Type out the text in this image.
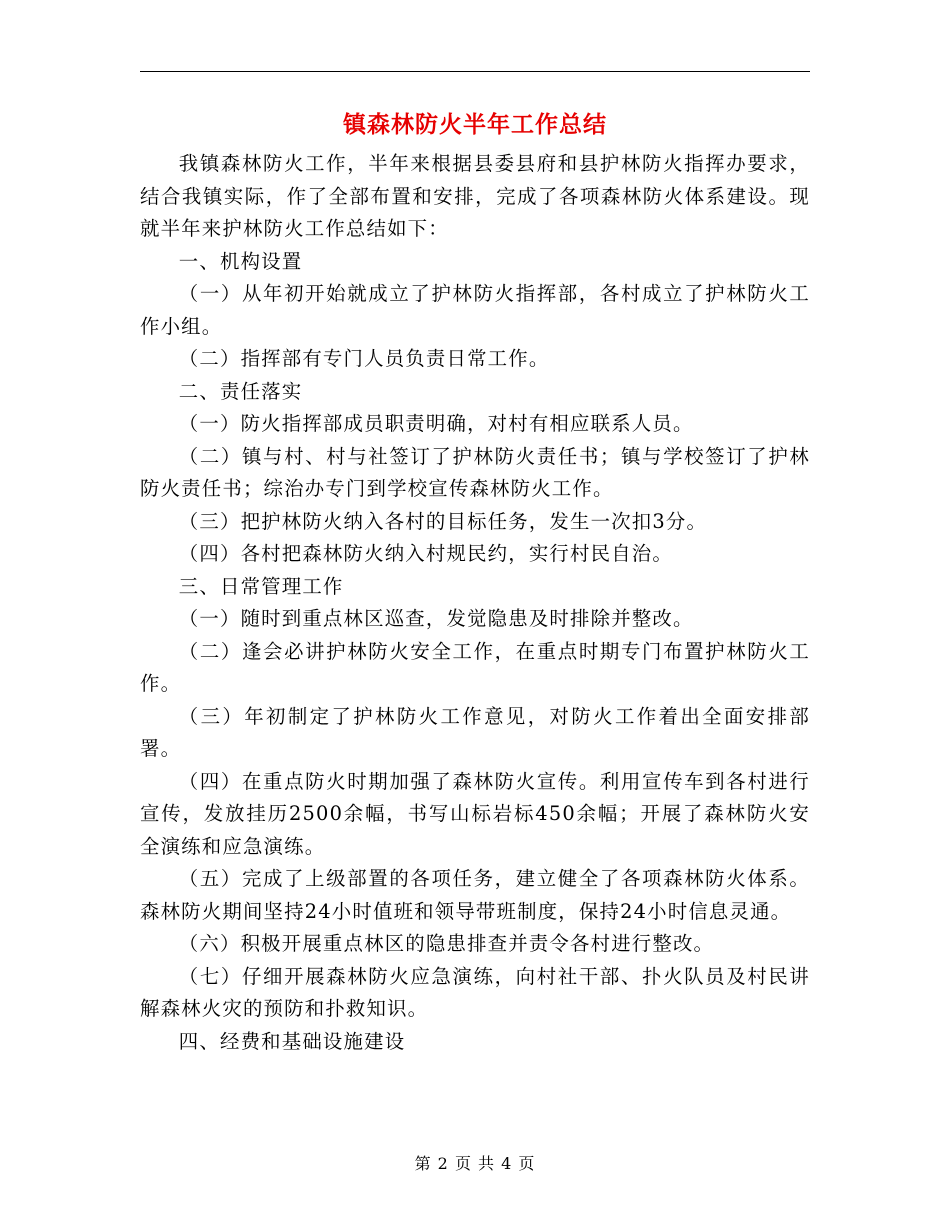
镇森林防火半年工作总结

我镇森林防火工作，半年来根据县委县府和县护林防火指挥办要求，结合我镇实际，作了全部布置和安排，完成了各项森林防火体系建设。现就半年来护林防火工作总结如下：

一、机构设置

（一）从年初开始就成立了护林防火指挥部，各村成立了护林防火工作小组。

（二）指挥部有专门人员负责日常工作。

二、责任落实

（一）防火指挥部成员职责明确，对村有相应联系人员。

（二）镇与村、村与社签订了护林防火责任书；镇与学校签订了护林防火责任书；综治办专门到学校宣传森林防火工作。

（三）把护林防火纳入各村的目标任务，发生一次扣3分。

（四）各村把森林防火纳入村规民约，实行村民自治。

三、日常管理工作

（一）随时到重点林区巡查，发觉隐患及时排除并整改。

（二）逢会必讲护林防火安全工作，在重点时期专门布置护林防火工作。

（三）年初制定了护林防火工作意见，对防火工作着出全面安排部署。

（四）在重点防火时期加强了森林防火宣传。利用宣传车到各村进行宣传，发放挂历2500余幅，书写山标岩标450余幅；开展了森林防火安全演练和应急演练。

（五）完成了上级部置的各项任务，建立健全了各项森林防火体系。森林防火期间坚持24小时值班和领导带班制度，保持24小时信息灵通。

（六）积极开展重点林区的隐患排查并责令各村进行整改。

（七）仔细开展森林防火应急演练，向村社干部、扑火队员及村民讲解森林火灾的预防和扑救知识。

四、经费和基础设施建设

第 2 页 共 4 页
